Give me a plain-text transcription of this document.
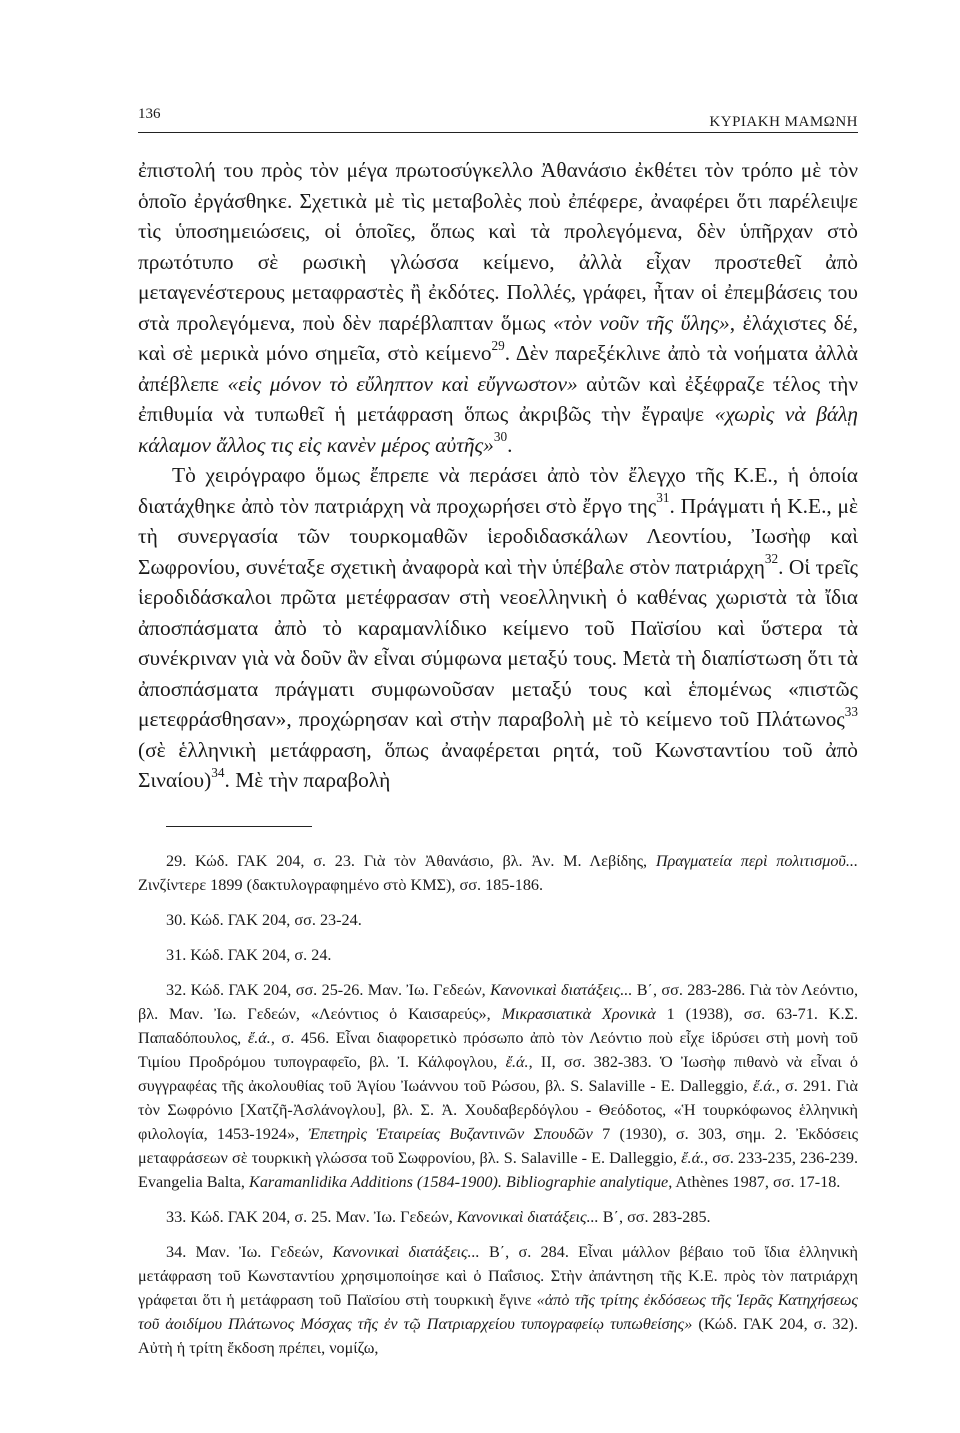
136	ΚΥΡΙΑΚΗ ΜΑΜΩΝΗ

ἐπιστολή του πρὸς τὸν μέγα πρωτοσύγκελλο Ἀθανάσιο ἐκθέτει τὸν τρόπο μὲ τὸν ὁποῖο ἐργάσθηκε. Σχετικὰ μὲ τὶς μεταβολὲς ποὺ ἐπέφερε, ἀναφέρει ὅτι παρέλειψε τὶς ὑποσημειώσεις, οἱ ὁποῖες, ὅπως καὶ τὰ προλεγόμενα, δὲν ὑπῆρχαν στὸ πρωτότυπο σὲ ρωσικὴ γλώσσα κείμενο, ἀλλὰ εἶχαν προστεθεῖ ἀπὸ μεταγενέστερους μεταφραστὲς ἢ ἐκδότες. Πολλές, γράφει, ἦταν οἱ ἐπεμβάσεις του στὰ προλεγόμενα, ποὺ δὲν παρέβλαπταν ὅμως «τὸν νοῦν τῆς ὕλης», ἐλάχιστες δέ, καὶ σὲ μερικὰ μόνο σημεῖα, στὸ κείμενο$^{29}$. Δὲν παρεξέκλινε ἀπὸ τὰ νοήματα ἀλλὰ ἀπέβλεπε «εἰς μόνον τὸ εὔληπτον καὶ εὔγνωστον» αὐτῶν καὶ ἐξέφραζε τέλος τὴν ἐπιθυμία νὰ τυπωθεῖ ἡ μετάφραση ὅπως ἀκριβῶς τὴν ἔγραψε «χωρὶς νὰ βάλῃ κάλαμον ἄλλος τις εἰς κανὲν μέρος αὐτῆς»$^{30}$.

Τὸ χειρόγραφο ὅμως ἔπρεπε νὰ περάσει ἀπὸ τὸν ἔλεγχο τῆς Κ.Ε., ἡ ὁποία διατάχθηκε ἀπὸ τὸν πατριάρχη νὰ προχωρήσει στὸ ἔργο της$^{31}$. Πράγματι ἡ Κ.Ε., μὲ τὴ συνεργασία τῶν τουρκομαθῶν ἱεροδιδασκάλων Λεοντίου, Ἰωσὴφ καὶ Σωφρονίου, συνέταξε σχετικὴ ἀναφορὰ καὶ τὴν ὑπέβαλε στὸν πατριάρχη$^{32}$. Οἱ τρεῖς ἱεροδιδάσκαλοι πρῶτα μετέφρασαν στὴ νεοελληνικὴ ὁ καθένας χωριστὰ τὰ ἴδια ἀποσπάσματα ἀπὸ τὸ καραμανλίδικο κείμενο τοῦ Παϊσίου καὶ ὕστερα τὰ συνέκριναν γιὰ νὰ δοῦν ἂν εἶναι σύμφωνα μεταξύ τους. Μετὰ τὴ διαπίστωση ὅτι τὰ ἀποσπάσματα πράγματι συμφωνοῦσαν μεταξύ τους καὶ ἑπομένως «πιστῶς μετεφράσθησαν», προχώρησαν καὶ στὴν παραβολὴ μὲ τὸ κείμενο τοῦ Πλάτωνος$^{33}$ (σὲ ἑλληνικὴ μετάφραση, ὅπως ἀναφέρεται ρητά, τοῦ Κωνσταντίου τοῦ ἀπὸ Σιναίου)$^{34}$. Μὲ τὴν παραβολὴ

29. Κώδ. ΓΑΚ 204, σ. 23. Γιὰ τὸν Ἀθανάσιο, βλ. Ἀν. Μ. Λεβίδης, Πραγματεία περὶ πολιτισμοῦ... Ζινζίντερε 1899 (δακτυλογραφημένο στὸ ΚΜΣ), σσ. 185-186.

30. Κώδ. ΓΑΚ 204, σσ. 23-24.

31. Κώδ. ΓΑΚ 204, σ. 24.

32. Κώδ. ΓΑΚ 204, σσ. 25-26. Μαν. Ἰω. Γεδεών, Κανονικαὶ διατάξεις... Β΄, σσ. 283-286. Γιὰ τὸν Λεόντιο, βλ. Μαν. Ἰω. Γεδεών, «Λεόντιος ὁ Καισαρεύς», Μικρασιατικὰ Χρονικὰ 1 (1938), σσ. 63-71. Κ.Σ. Παπαδόπουλος, ἔ.ά., σ. 456. Εἶναι διαφορετικὸ πρόσωπο ἀπὸ τὸν Λεόντιο ποὺ εἶχε ἱδρύσει στὴ μονὴ τοῦ Τιμίου Προδρόμου τυπογραφεῖο, βλ. Ἰ. Κάλφογλου, ἔ.ά., ΙΙ, σσ. 382-383. Ὁ Ἰωσὴφ πιθανὸ νὰ εἶναι ὁ συγγραφέας τῆς ἀκολουθίας τοῦ Ἁγίου Ἰωάννου τοῦ Ρώσου, βλ. S. Salaville - E. Dalleggio, ἔ.ά., σ. 291. Γιὰ τὸν Σωφρόνιο [Χατζῆ-Ἀσλάνογλου], βλ. Σ. Ἀ. Χουδαβερδόγλου - Θεόδοτος, «Ἡ τουρκόφωνος ἑλληνικὴ φιλολογία, 1453-1924», Ἐπετηρὶς Ἑταιρείας Βυζαντινῶν Σπουδῶν 7 (1930), σ. 303, σημ. 2. Ἐκδόσεις μεταφράσεων σὲ τουρκικὴ γλώσσα τοῦ Σωφρονίου, βλ. S. Salaville - E. Dalleggio, ἔ.ά., σσ. 233-235, 236-239. Evangelia Balta, Karamanlidika Additions (1584-1900). Bibliographie analytique, Athènes 1987, σσ. 17-18.

33. Κώδ. ΓΑΚ 204, σ. 25. Μαν. Ἰω. Γεδεών, Κανονικαὶ διατάξεις... Β΄, σσ. 283-285.

34. Μαν. Ἰω. Γεδεών, Κανονικαὶ διατάξεις... Β΄, σ. 284. Εἶναι μάλλον βέβαιο τοῦ ἴδια ἑλληνικὴ μετάφραση τοῦ Κωνσταντίου χρησιμοποίησε καὶ ὁ Παΐσιος. Στὴν ἀπάντηση τῆς Κ.Ε. πρὸς τὸν πατριάρχη γράφεται ὅτι ἡ μετάφραση τοῦ Παϊσίου στὴ τουρκικὴ ἔγινε «ἀπὸ τῆς τρίτης ἐκδόσεως τῆς Ἱερᾶς Κατηχήσεως τοῦ ἀοιδίμου Πλάτωνος Μόσχας τῆς ἐν τῷ Πατριαρχείου τυπογραφείῳ τυπωθείσης» (Κώδ. ΓΑΚ 204, σ. 32). Αὐτὴ ἡ τρίτη ἔκδοση πρέπει, νομίζω,
